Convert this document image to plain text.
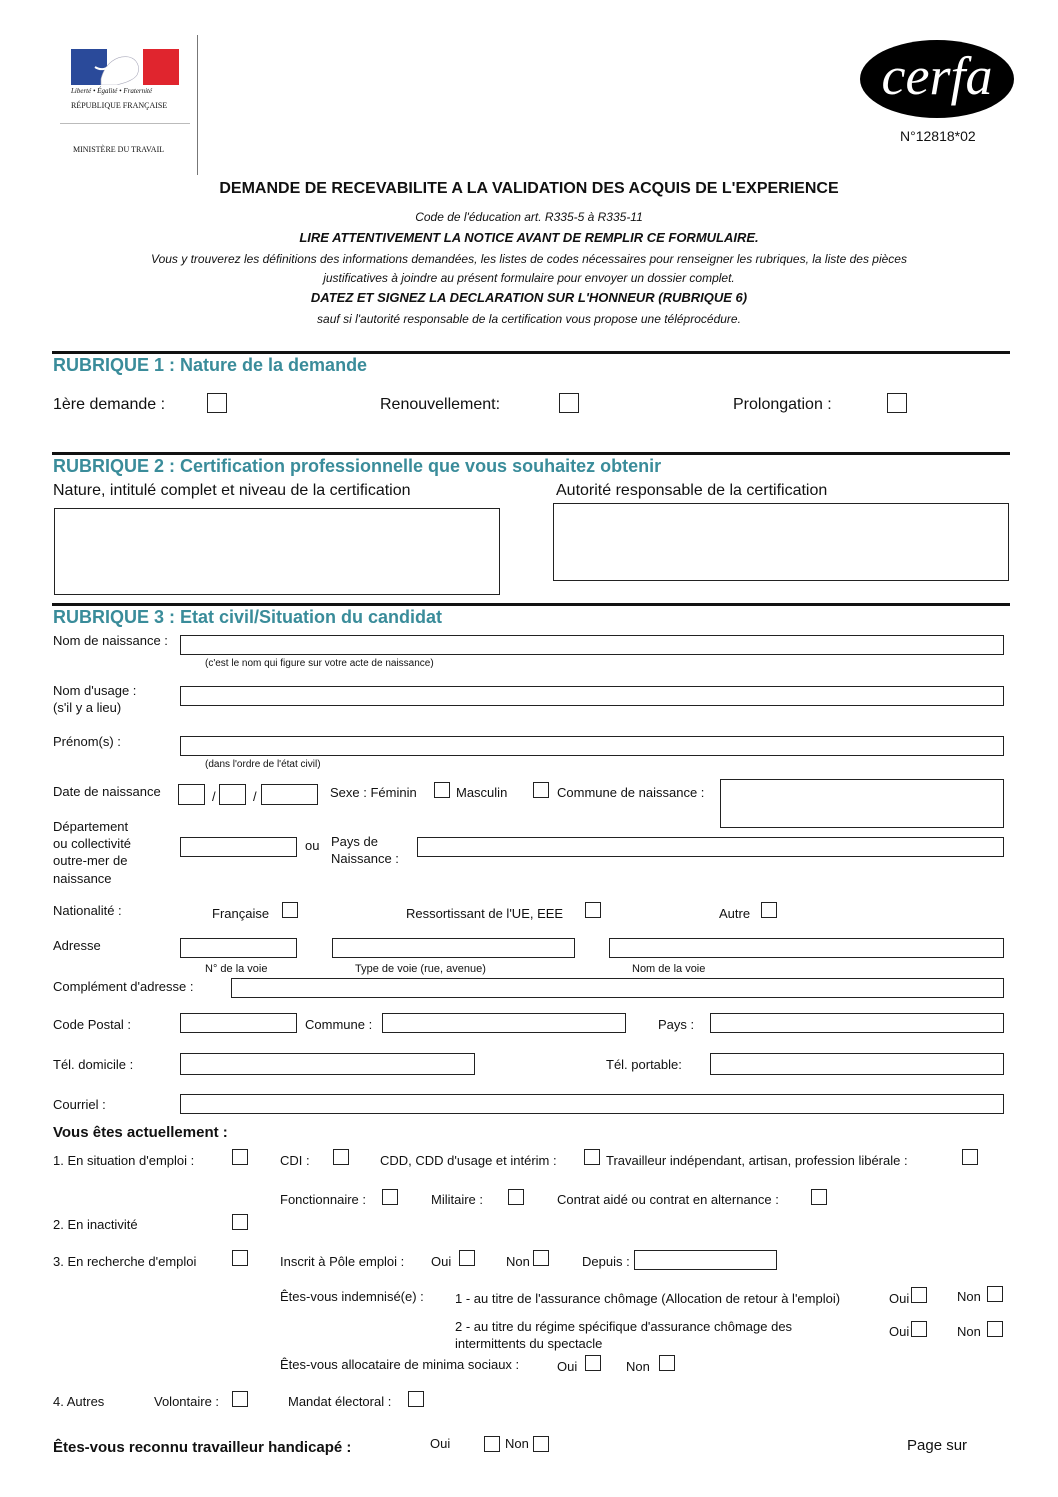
Liberté • Égalité • Fraternité
RÉPUBLIQUE FRANÇAISE
MINISTÈRE DU TRAVAIL
cerfa
N°12818*02
DEMANDE DE RECEVABILITE A LA VALIDATION DES ACQUIS DE L'EXPERIENCE
Code de l'éducation art. R335-5 à R335-11
LIRE ATTENTIVEMENT LA NOTICE AVANT DE REMPLIR CE FORMULAIRE.
Vous y trouverez les définitions des informations demandées, les listes de codes nécessaires pour renseigner les rubriques, la liste des pièces
justificatives à joindre au présent formulaire pour envoyer un dossier complet.
DATEZ ET SIGNEZ LA DECLARATION SUR L'HONNEUR (RUBRIQUE 6)
sauf si l'autorité responsable de la certification vous propose une téléprocédure.
RUBRIQUE 1 : Nature de la demande
1ère demande :	Renouvellement:	Prolongation :
RUBRIQUE 2 : Certification professionnelle que vous souhaitez obtenir
Nature, intitulé complet et niveau de la certification	Autorité responsable de la certification
RUBRIQUE 3 : Etat civil/Situation du candidat
Nom de naissance :
(c'est le nom qui figure sur votre acte de naissance)
Nom d'usage :
(s'il y a lieu)
Prénom(s) :
(dans l'ordre de l'état civil)
Date de naissance	/	/	Sexe : Féminin	Masculin	Commune de naissance :
Département
ou collectivité
outre-mer de
naissance
ou Pays de
Naissance :
Nationalité :	Française	Ressortissant de l'UE, EEE	Autre
Adresse
N° de la voie	Type de voie (rue, avenue)	Nom de la voie
Complément d'adresse :
Code Postal :	Commune :	Pays :
Tél. domicile :	Tél. portable:
Courriel :
Vous êtes actuellement :
1. En situation d'emploi :	CDI :	CDD, CDD d'usage et intérim :	Travailleur indépendant, artisan, profession libérale :
Fonctionnaire :	Militaire :	Contrat aidé ou contrat en alternance :
2. En inactivité
3. En recherche d'emploi	Inscrit à Pôle emploi : Oui	Non	Depuis :
Êtes-vous indemnisé(e) : 1 - au titre de l'assurance chômage (Allocation de retour à l'emploi)	Oui	Non
2 - au titre du régime spécifique d'assurance chômage des
intermittents du spectacle
Oui	Non
Êtes-vous allocataire de minima sociaux :	Oui	Non
4. Autres	Volontaire :	Mandat électoral :
Êtes-vous reconnu travailleur handicapé :	Oui	Non	Page sur
